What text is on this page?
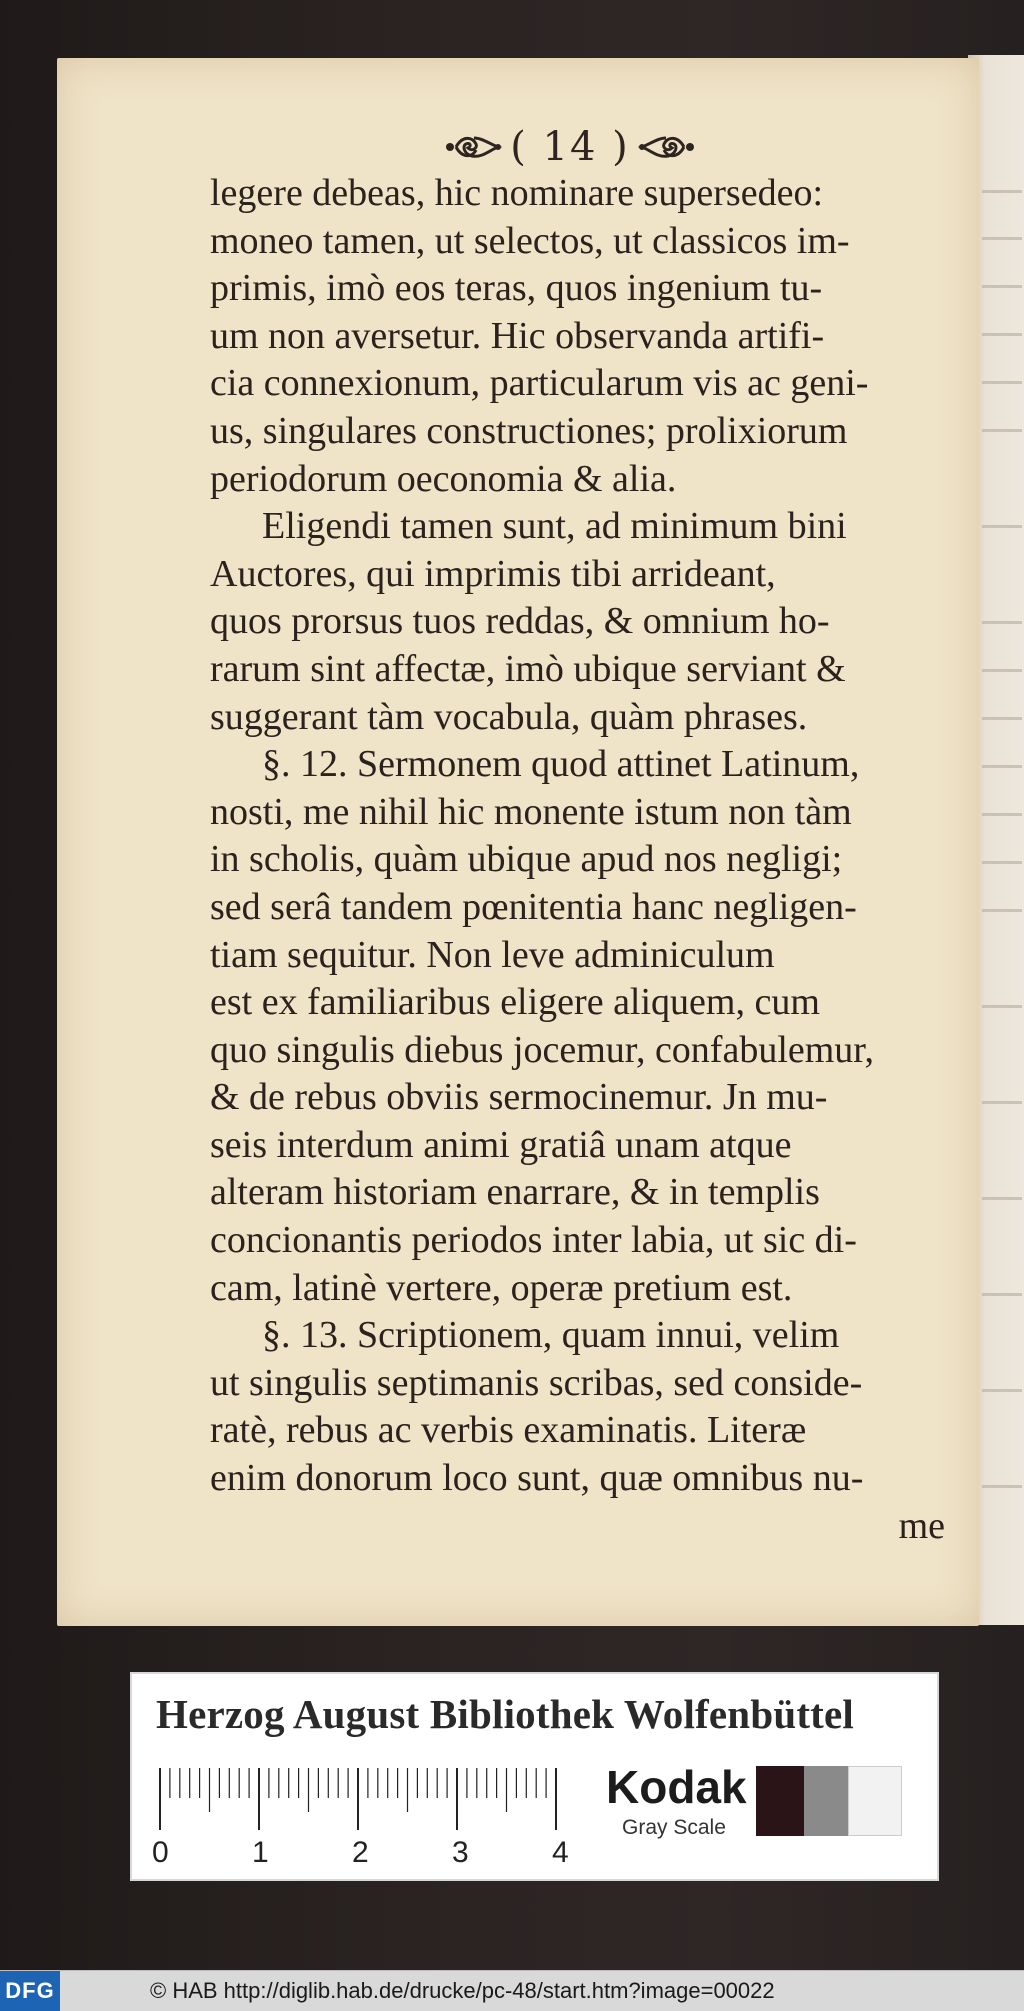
( 14 )
legere debeas, hic nominare supersedeo:
moneo tamen, ut selectos, ut classicos im-
primis, imò eos teras, quos ingenium tu-
um non aversetur. Hic observanda artifi-
cia connexionum, particularum vis ac geni-
us, singulares constructiones; prolixiorum
periodorum oeconomia & alia.
Eligendi tamen sunt, ad minimum bini
Auctores, qui imprimis tibi arrideant,
quos prorsus tuos reddas, & omnium ho-
rarum sint affectæ, imò ubique serviant &
suggerant tàm vocabula, quàm phrases.
§. 12. Sermonem quod attinet Latinum,
nosti, me nihil hic monente istum non tàm
in scholis, quàm ubique apud nos negligi;
sed serâ tandem pœnitentia hanc negligen-
tiam sequitur. Non leve adminiculum
est ex familiaribus eligere aliquem, cum
quo singulis diebus jocemur, confabulemur,
& de rebus obviis sermocinemur. Jn mu-
seis interdum animi gratiâ unam atque
alteram historiam enarrare, & in templis
concionantis periodos inter labia, ut sic di-
cam, latinè vertere, operæ pretium est.
§. 13. Scriptionem, quam innui, velim
ut singulis septimanis scribas, sed conside-
ratè, rebus ac verbis examinatis. Literæ
enim donorum loco sunt, quæ omnibus nu-
me
Herzog August Bibliothek Wolfenbüttel
0	1	2	3	4
Kodak
Gray Scale
DFG	© HAB http://diglib.hab.de/drucke/pc-48/start.htm?image=00022
